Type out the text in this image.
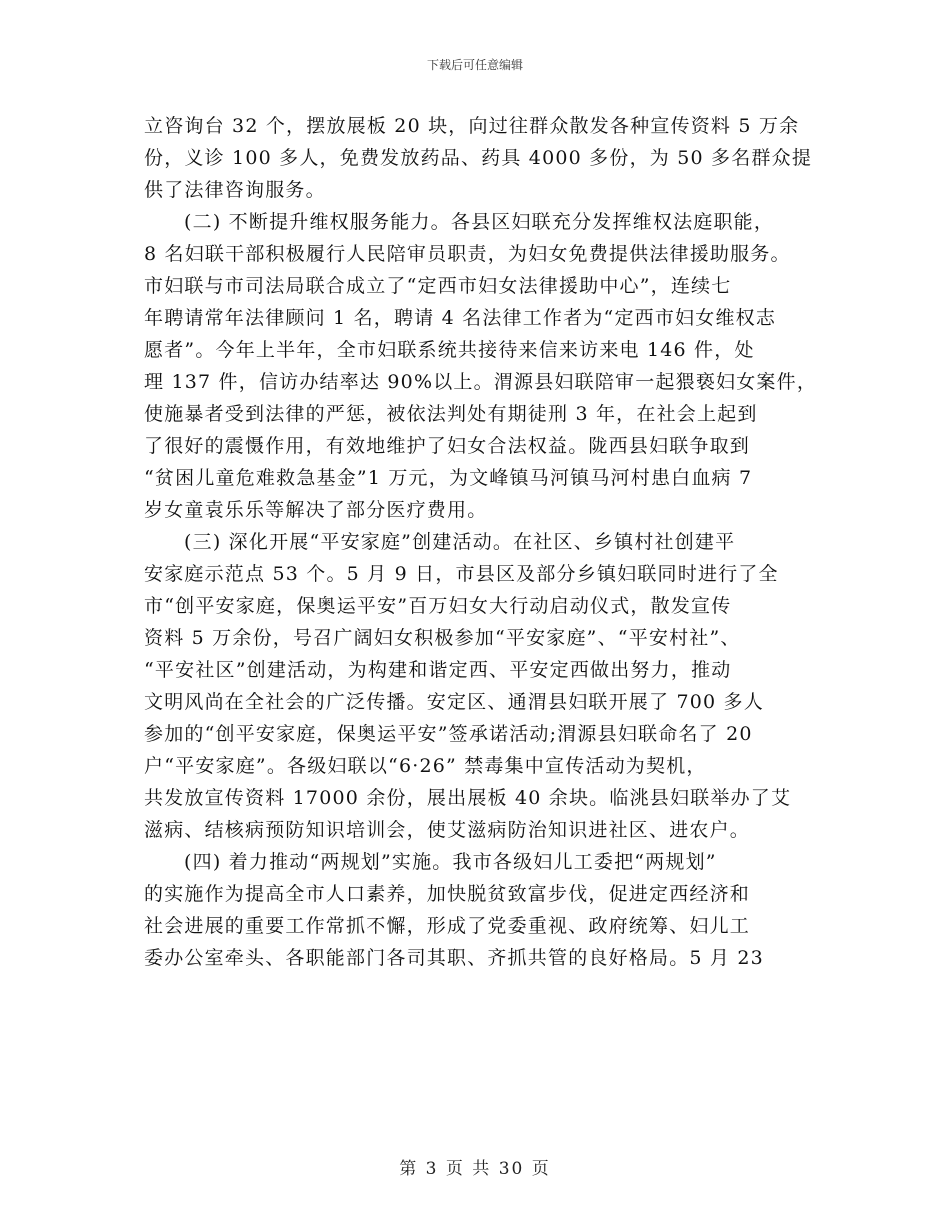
下载后可任意编辑
立咨询台 32 个，摆放展板 20 块，向过往群众散发各种宣传资料 5 万余
份，义诊 100 多人，免费发放药品、药具 4000 多份，为 50 多名群众提
供了法律咨询服务。
(二) 不断提升维权服务能力。各县区妇联充分发挥维权法庭职能，
8 名妇联干部积极履行人民陪审员职责，为妇女免费提供法律援助服务。
市妇联与市司法局联合成立了“定西市妇女法律援助中心”，连续七
年聘请常年法律顾问 1 名，聘请 4 名法律工作者为“定西市妇女维权志
愿者”。今年上半年，全市妇联系统共接待来信来访来电 146 件，处
理 137 件，信访办结率达 90%以上。渭源县妇联陪审一起猥亵妇女案件，
使施暴者受到法律的严惩，被依法判处有期徒刑 3 年，在社会上起到
了很好的震慑作用，有效地维护了妇女合法权益。陇西县妇联争取到
“贫困儿童危难救急基金”1 万元，为文峰镇马河镇马河村患白血病 7
岁女童袁乐乐等解决了部分医疗费用。
(三) 深化开展“平安家庭”创建活动。在社区、乡镇村社创建平
安家庭示范点 53 个。5 月 9 日，市县区及部分乡镇妇联同时进行了全
市“创平安家庭，保奥运平安”百万妇女大行动启动仪式，散发宣传
资料 5 万余份，号召广阔妇女积极参加“平安家庭”、“平安村社”、
“平安社区”创建活动，为构建和谐定西、平安定西做出努力，推动
文明风尚在全社会的广泛传播。安定区、通渭县妇联开展了 700 多人
参加的“创平安家庭，保奥运平安”签承诺活动;渭源县妇联命名了 20
户“平安家庭”。各级妇联以“6·26” 禁毒集中宣传活动为契机，
共发放宣传资料 17000 余份，展出展板 40 余块。临洮县妇联举办了艾
滋病、结核病预防知识培训会，使艾滋病防治知识进社区、进农户。
(四) 着力推动“两规划”实施。我市各级妇儿工委把“两规划”
的实施作为提高全市人口素养，加快脱贫致富步伐，促进定西经济和
社会进展的重要工作常抓不懈，形成了党委重视、政府统筹、妇儿工
委办公室牵头、各职能部门各司其职、齐抓共管的良好格局。5 月 23
第 3 页 共 30 页
